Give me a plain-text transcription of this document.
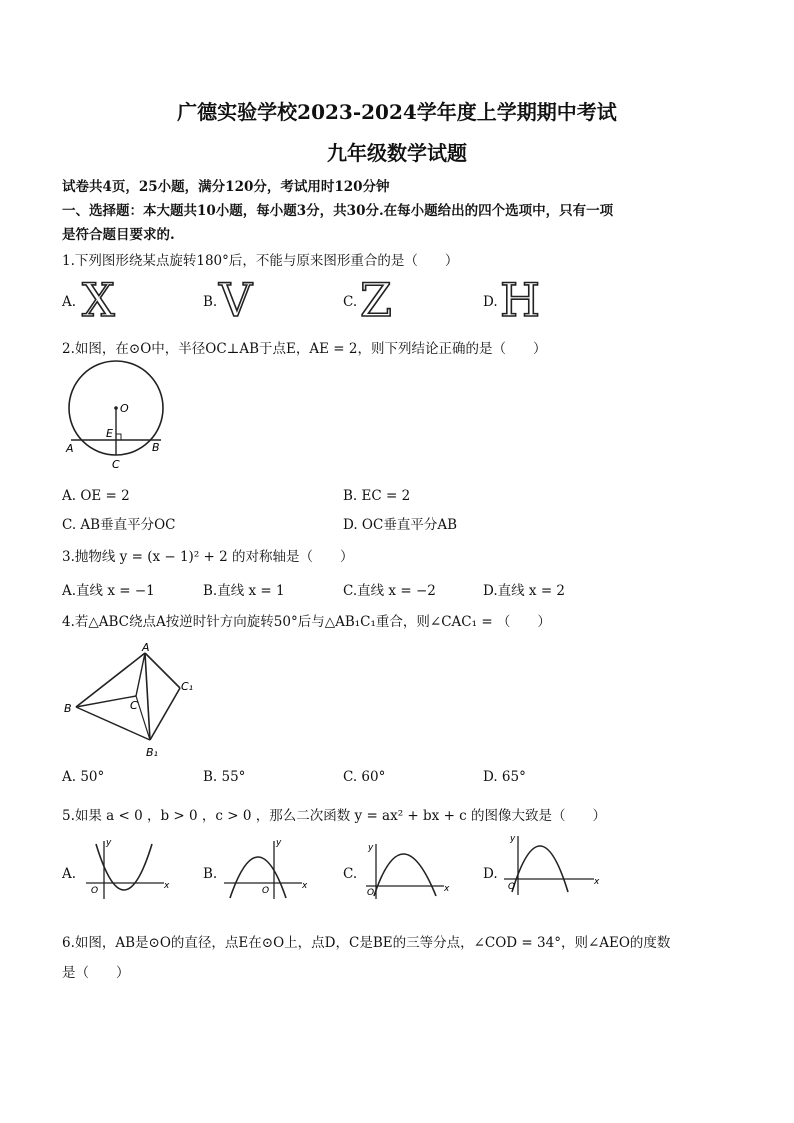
广德实验学校2023-2024学年度上学期期中考试
九年级数学试题
试卷共4页，25小题，满分120分，考试用时120分钟
一、选择题：本大题共10小题，每小题3分，共30分.在每小题给出的四个选项中，只有一项
是符合题目要求的.
1.下列图形绕某点旋转180°后，不能与原来图形重合的是（　　）
A. X	B. V	C. Z	D. H
2.如图，在⊙O中，半径OC⊥AB于点E，AE = 2，则下列结论正确的是（　　）
O
E
A	B
C
A. OE = 2	B. EC = 2
C. AB垂直平分OC	D. OC垂直平分AB
3.抛物线 y = (x − 1)² + 2 的对称轴是（　　）
A.直线 x = −1	B.直线 x = 1	C.直线 x = −2	D.直线 x = 2
4.若△ABC绕点A按逆时针方向旋转50°后与△AB₁C₁重合，则∠CAC₁ = （　　）
A
B	C
C₁
B₁
A. 50°	B. 55°	C. 60°	D. 65°
5.如果 a < 0 ，b > 0 ，c > 0 ，那么二次函数 y = ax² + bx + c 的图像大致是（　　）
A.
x
y
O
B.
x
y
O
C.
x
y
O
D.	x
y
O
6.如图，AB是⊙O的直径，点E在⊙O上，点D，C是BE的三等分点，∠COD = 34°，则∠AEO的度数
是（　　）
